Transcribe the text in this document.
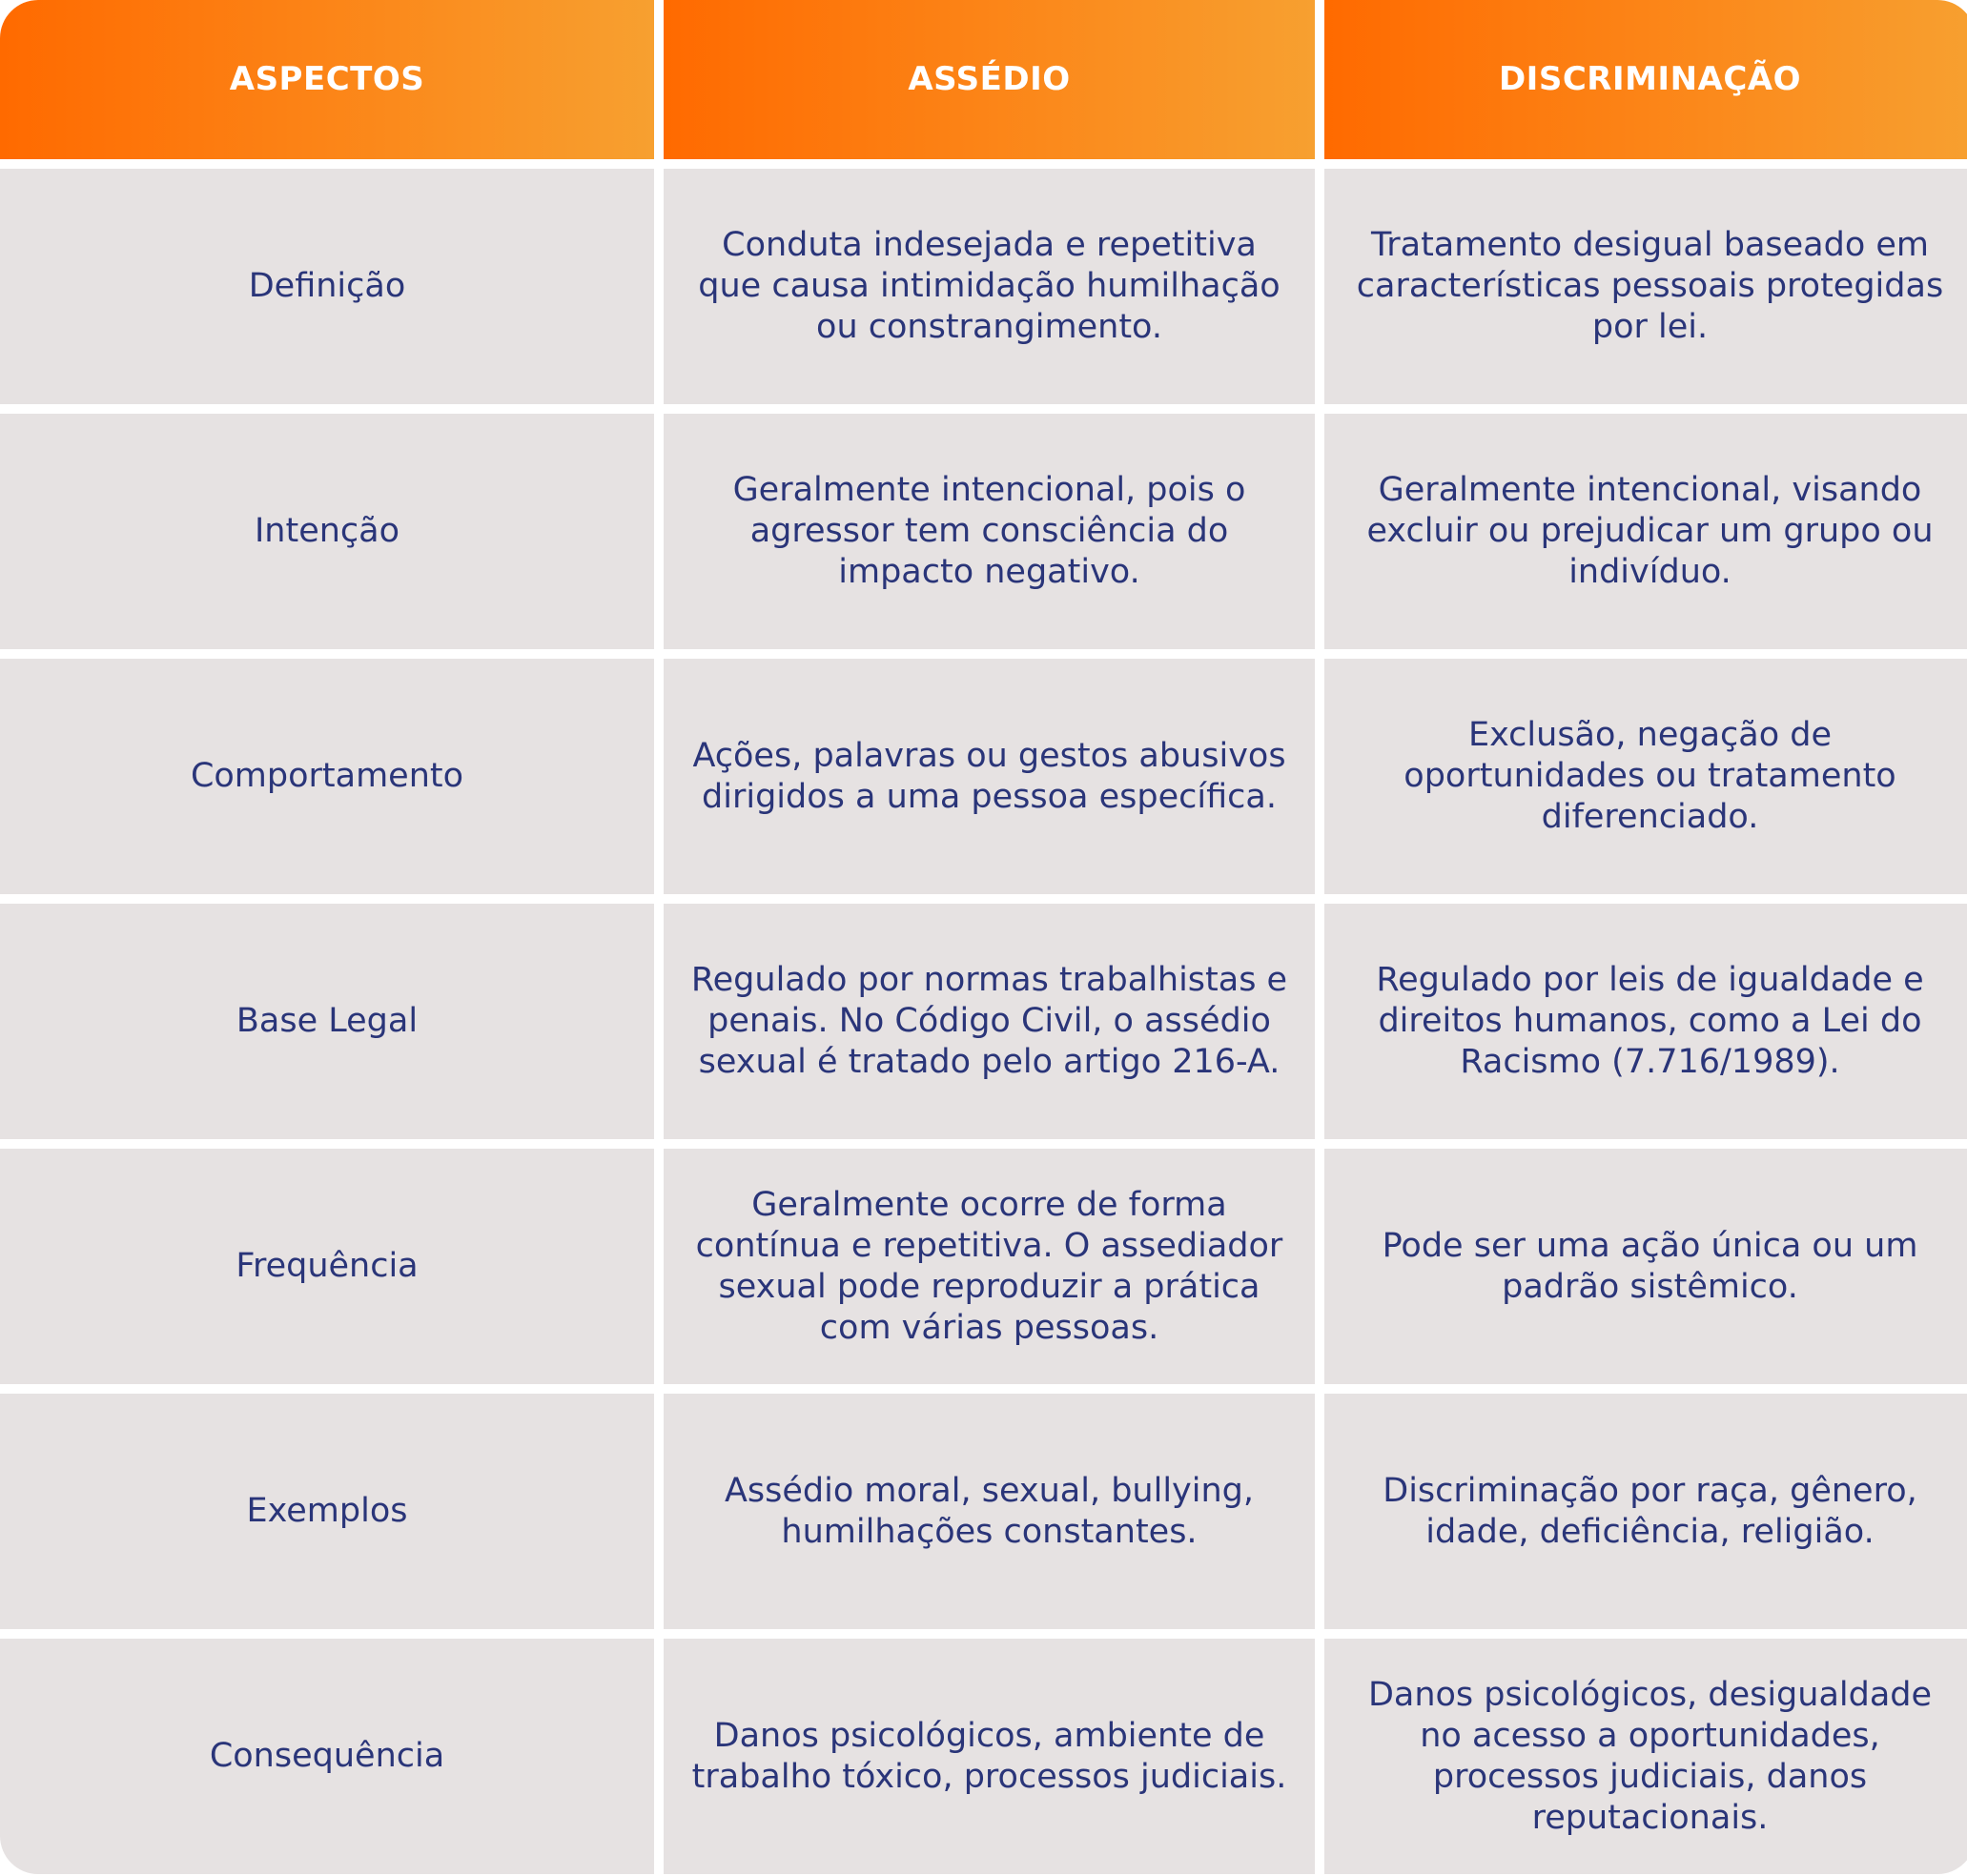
ASPECTOS	ASSÉDIO	DISCRIMINAÇÃO
Definição
Conduta indesejada e repetitiva que causa intimidação humilhação ou constrangimento.
Tratamento desigual baseado em características pessoais protegidas por lei.
Intenção
Geralmente intencional, pois o agressor tem consciência do impacto negativo.
Geralmente intencional, visando excluir ou prejudicar um grupo ou indivíduo.
Comportamento
Ações, palavras ou gestos abusivos dirigidos a uma pessoa específica.
Exclusão, negação de oportunidades ou tratamento diferenciado.
Base Legal
Regulado por normas trabalhistas e penais. No Código Civil, o assédio sexual é tratado pelo artigo 216-A.
Regulado por leis de igualdade e direitos humanos, como a Lei do Racismo (7.716/1989).
Frequência
Geralmente ocorre de forma contínua e repetitiva. O assediador sexual pode reproduzir a prática com várias pessoas.
Pode ser uma ação única ou um padrão sistêmico.
Exemplos
Assédio moral, sexual, bullying, humilhações constantes.
Discriminação por raça, gênero, idade, deficiência, religião.
Consequência
Danos psicológicos, ambiente de trabalho tóxico, processos judiciais.
Danos psicológicos, desigualdade no acesso a oportunidades, processos judiciais, danos reputacionais.
